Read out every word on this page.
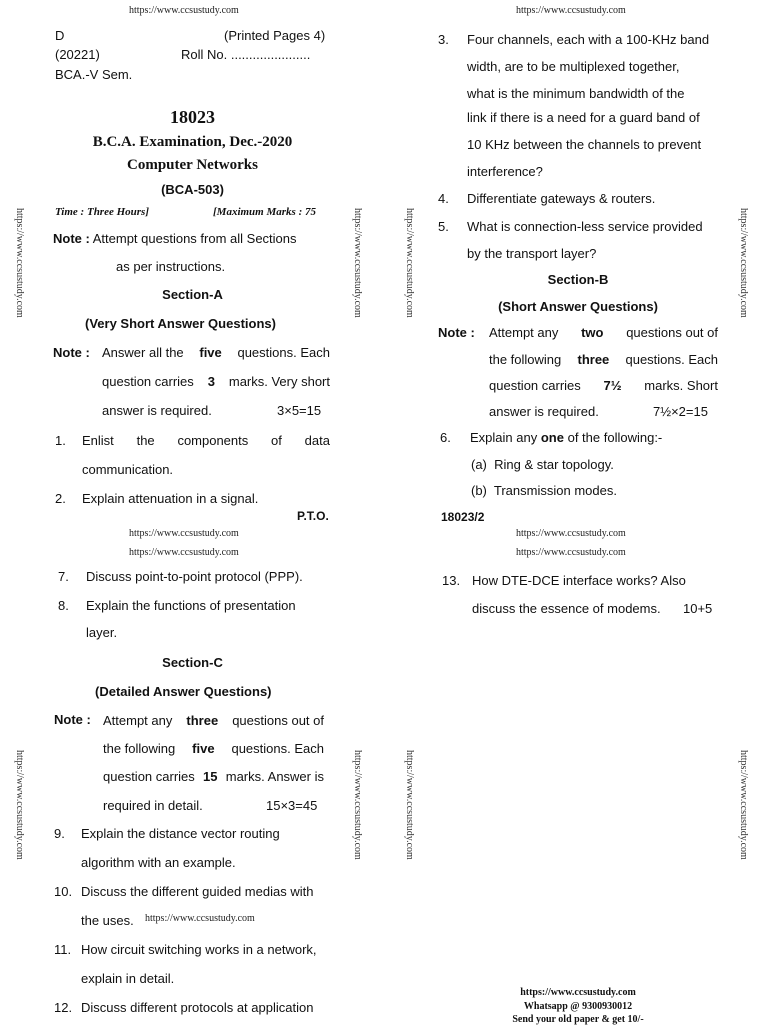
https://www.ccsustudy.com	https://www.ccsustudy.com
https://www.ccsustudy.com	https://www.ccsustudy.com	https://www.ccsustudy.com	https://www.ccsustudy.com
https://www.ccsustudy.com	https://www.ccsustudy.com	https://www.ccsustudy.com	https://www.ccsustudy.com
D	(Printed Pages 4)
(20221)	Roll No. ......................
BCA.-V Sem.
18023
B.C.A. Examination, Dec.-2020
Computer Networks
(BCA-503)
Time : Three Hours]	[Maximum Marks : 75
Note : Attempt questions from all Sections
as per instructions.
Section-A
(Very Short Answer Questions)
Note : Answer all the five questions. Each
question carries 3 marks. Very short
answer is required.	3×5=15
1. Enlist the components of data
communication.
2. Explain attenuation in a signal.
P.T.O.
3. Four channels, each with a 100-KHz band
width, are to be multiplexed together,
what is the minimum bandwidth of the
link if there is a need for a guard band of
10 KHz between the channels to prevent
interference?
4. Differentiate gateways & routers.
5. What is connection-less service provided
by the transport layer?
Section-B
(Short Answer Questions)
Note : Attempt any two questions out of
the following three questions. Each
question carries 7½ marks. Short
answer is required.	7½×2=15
6. Explain any one of the following:-
(a) Ring & star topology.
(b) Transmission modes.
18023/2
https://www.ccsustudy.com
https://www.ccsustudy.com
https://www.ccsustudy.com
https://www.ccsustudy.com
7. Discuss point-to-point protocol (PPP).
8. Explain the functions of presentation
layer.
Section-C
(Detailed Answer Questions)
Note : Attempt any three questions out of
the following five questions. Each
question carries 15 marks. Answer is
required in detail.	15×3=45
9. Explain the distance vector routing
algorithm with an example.
10. Discuss the different guided medias with
the uses. https://www.ccsustudy.com
11. How circuit switching works in a network,
explain in detail.
12. Discuss different protocols at application
13. How DTE-DCE interface works? Also
discuss the essence of modems. 10+5
https://www.ccsustudy.com
Whatsapp @ 9300930012
Send your old paper & get 10/-
